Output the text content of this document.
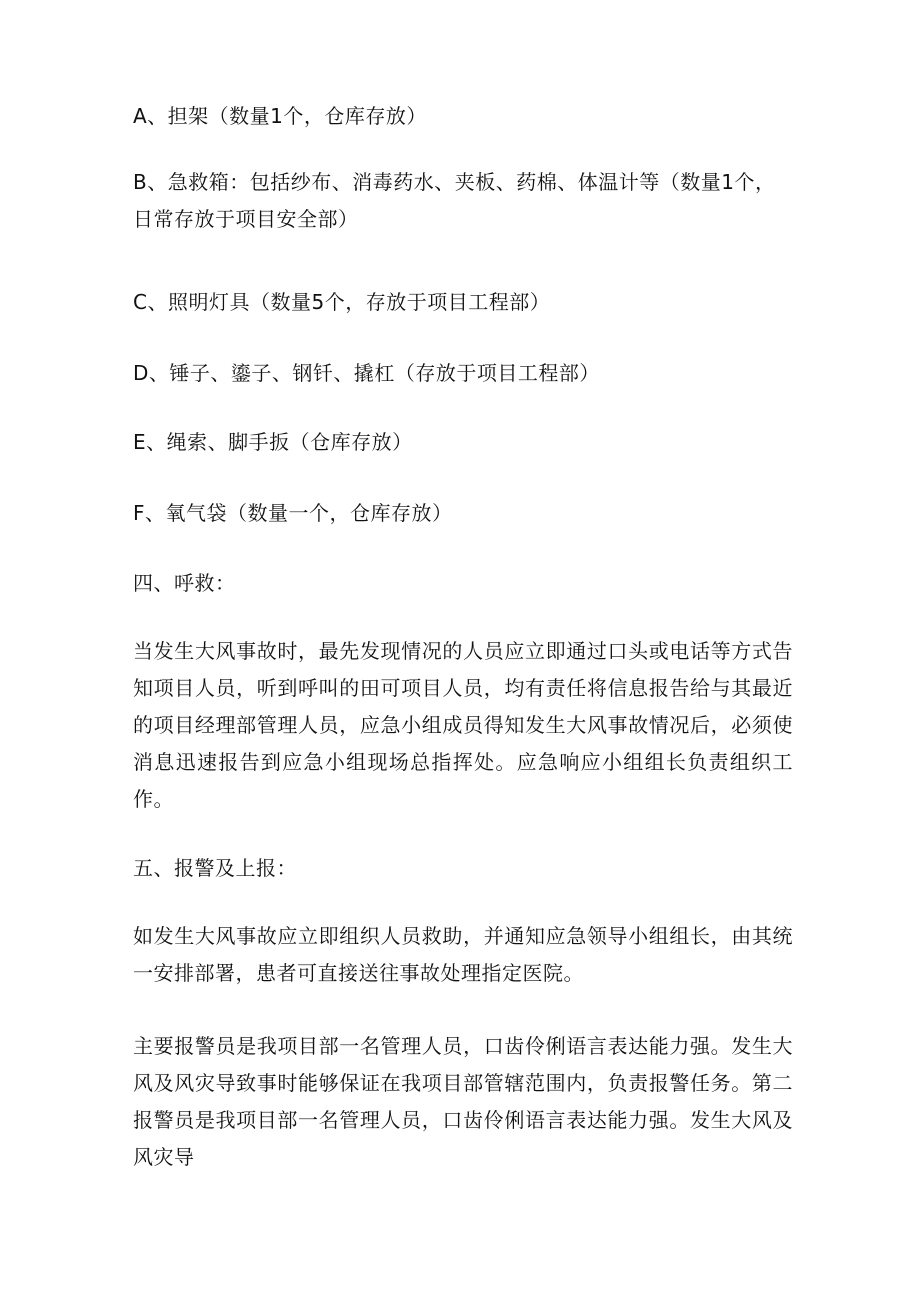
A、担架（数量1个，仓库存放）

B、急救箱：包括纱布、消毒药水、夹板、药棉、体温计等（数量1个，日常存放于项目安全部）

C、照明灯具（数量5个，存放于项目工程部）

D、锤子、鎏子、钢钎、撬杠（存放于项目工程部）

E、绳索、脚手扳（仓库存放）

F、氧气袋（数量一个，仓库存放）

四、呼救：

当发生大风事故时，最先发现情况的人员应立即通过口头或电话等方式告知项目人员，听到呼叫的田可项目人员，均有责任将信息报告给与其最近的项目经理部管理人员，应急小组成员得知发生大风事故情况后，必须使消息迅速报告到应急小组现场总指挥处。应急响应小组组长负责组织工作。

五、报警及上报：

如发生大风事故应立即组织人员救助，并通知应急领导小组组长，由其统一安排部署，患者可直接送往事故处理指定医院。

主要报警员是我项目部一名管理人员，口齿伶俐语言表达能力强。发生大风及风灾导致事时能够保证在我项目部管辖范围内，负责报警任务。第二报警员是我项目部一名管理人员，口齿伶俐语言表达能力强。发生大风及风灾导
